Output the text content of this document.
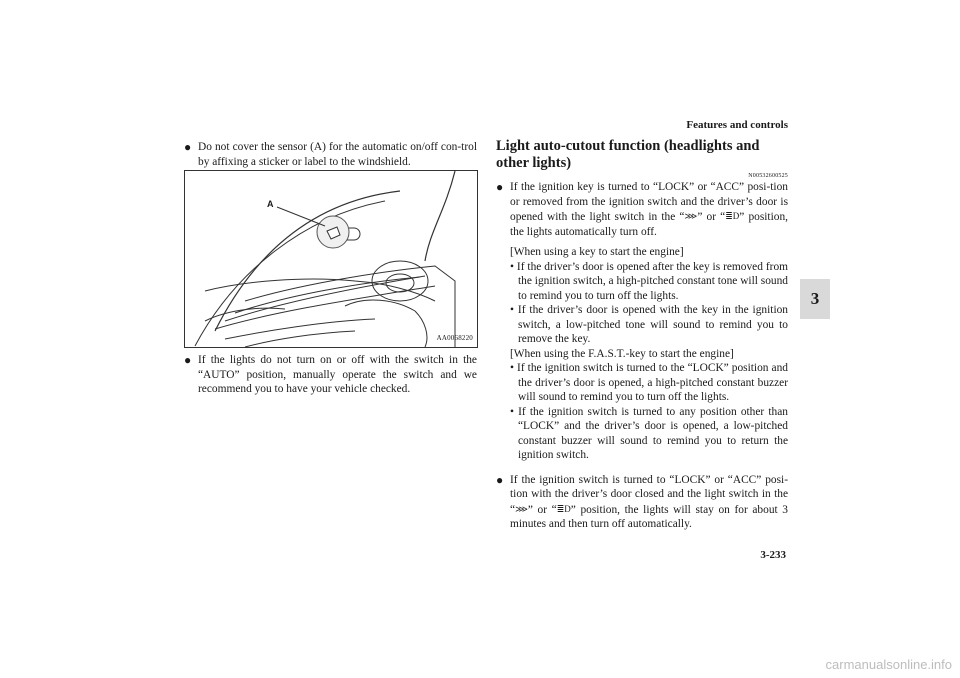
Features and controls
3
● Do not cover the sensor (A) for the automatic on/off con-trol by affixing a sticker or label to the windshield.
A
AA0068220
● If the lights do not turn on or off with the switch in the “AUTO” position, manually operate the switch and we recommend you to have your vehicle checked.
Light auto-cutout function (headlights and other lights)
N00532600525
● If the ignition key is turned to “LOCK” or “ACC” posi-tion or removed from the ignition switch and the driver’s door is opened with the light switch in the “⋙” or “≣D” position, the lights automatically turn off.
[When using a key to start the engine]
• If the driver’s door is opened after the key is removed from the ignition switch, a high-pitched constant tone will sound to remind you to turn off the lights.
• If the driver’s door is opened with the key in the ignition switch, a low-pitched tone will sound to remind you to remove the key.
[When using the F.A.S.T.-key to start the engine]
• If the ignition switch is turned to the “LOCK” position and the driver’s door is opened, a high-pitched constant buzzer will sound to remind you to turn off the lights.
• If the ignition switch is turned to any position other than “LOCK” and the driver’s door is opened, a low-pitched constant buzzer will sound to remind you to return the ignition switch.
● If the ignition switch is turned to “LOCK” or “ACC” posi-tion with the driver’s door closed and the light switch in the “⋙” or “≣D” position, the lights will stay on for about 3 minutes and then turn off automatically.
3-233
carmanualsonline.info
